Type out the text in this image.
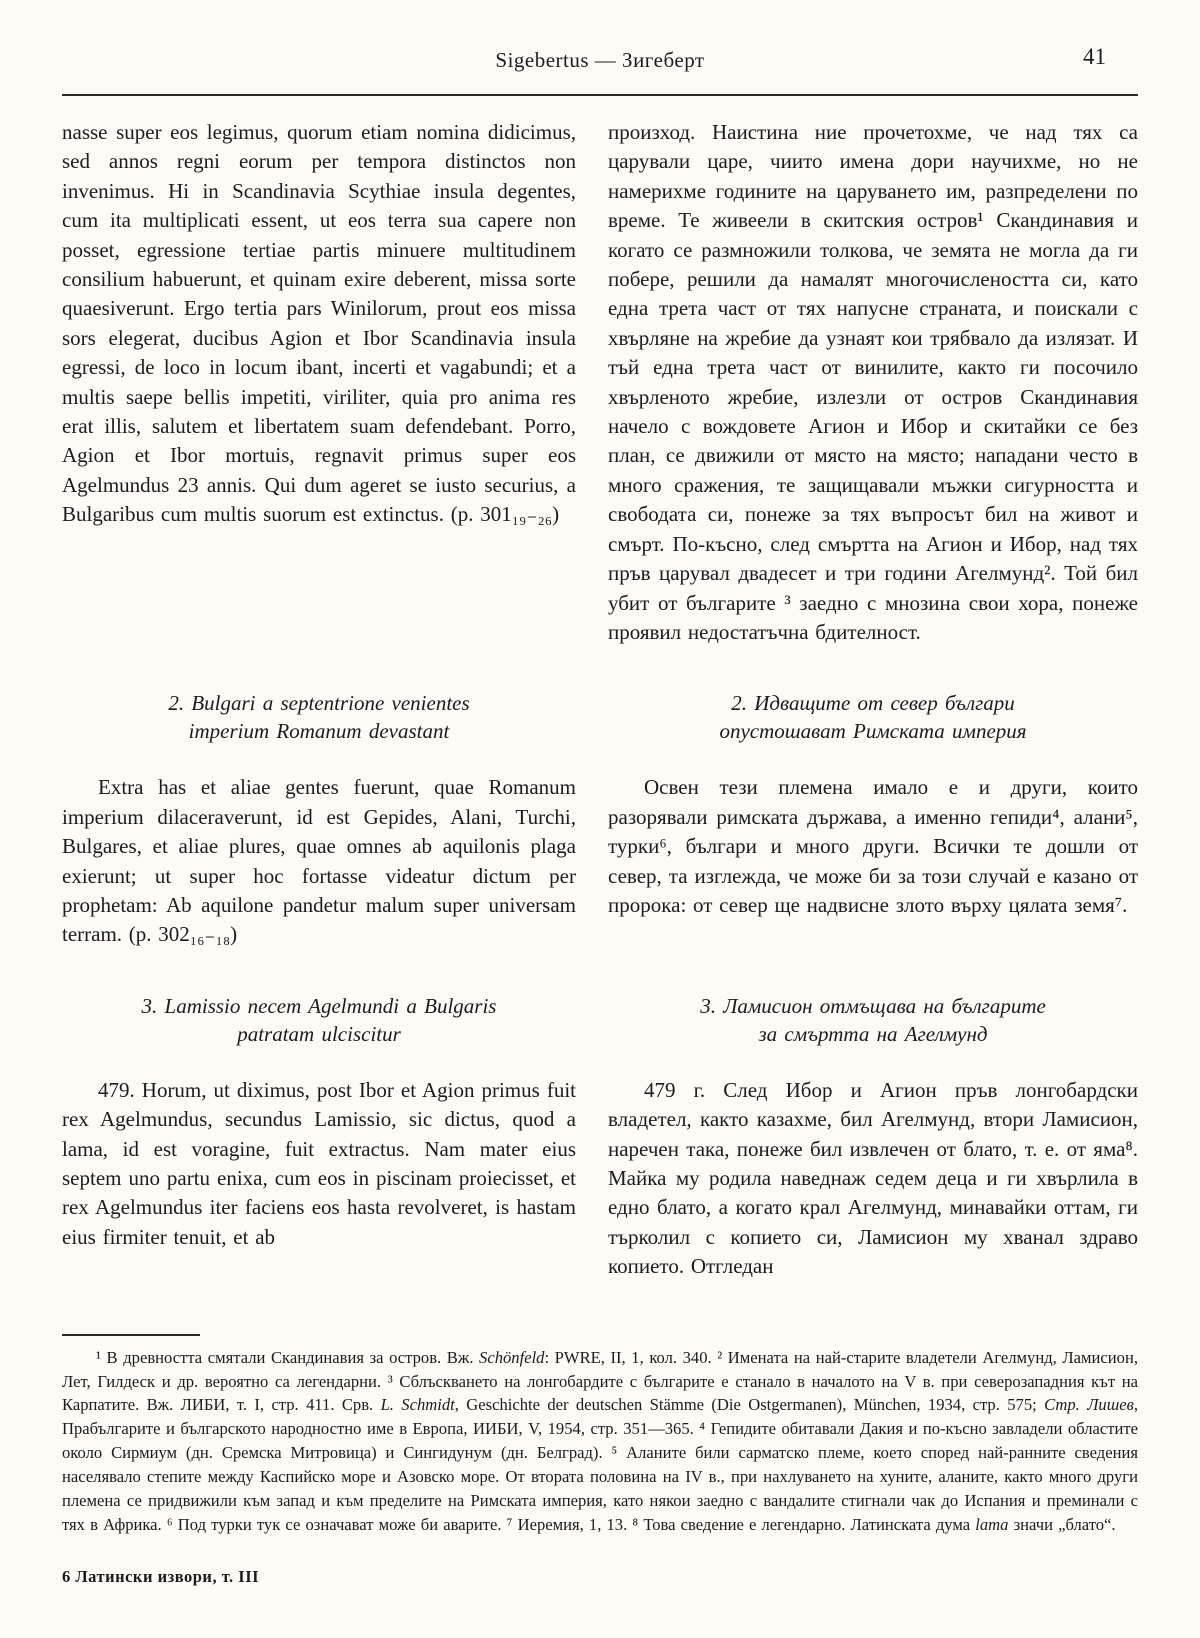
Sigebertus — Зигеберт	41

nasse super eos legimus, quorum etiam nomina didicimus, sed annos regni eorum per tempora distinctos non invenimus. Hi in Scandinavia Scythiae insula degentes, cum ita multiplicati essent, ut eos terra sua capere non posset, egressione tertiae partis minuere multitudinem consilium habuerunt, et quinam exire deberent, missa sorte quaesiverunt. Ergo tertia pars Winilorum, prout eos missa sors elegerat, ducibus Agion et Ibor Scandinavia insula egressi, de loco in locum ibant, incerti et vagabundi; et a multis saepe bellis impetiti, viriliter, quia pro anima res erat illis, salutem et libertatem suam defendebant. Porro, Agion et Ibor mortuis, regnavit primus super eos Agelmundus 23 annis. Qui dum ageret se iusto securius, a Bulgaribus cum multis suorum est extinctus. (p. 301₁₉₋₂₆)

произход. Наистина ние прочетохме, че над тях са царували царе, чиито имена дори научихме, но не намерихме годините на царуването им, разпределени по време. Те живеели в скитския остров¹ Скандинавия и когато се размножили толкова, че земята не могла да ги побере, решили да намалят многочислеността си, като една трета част от тях напусне страната, и поискали с хвърляне на жребие да узнаят кои трябвало да излязат. И тъй една трета част от винилите, както ги посочило хвърленото жребие, излезли от остров Скандинавия начело с вождовете Агион и Ибор и скитайки се без план, се движили от място на място; нападани често в много сражения, те защищавали мъжки сигурността и свободата си, понеже за тях въпросът бил на живот и смърт. По-късно, след смъртта на Агион и Ибор, над тях пръв царувал двадесет и три години Агелмунд². Той бил убит от българите ³ заедно с мнозина свои хора, понеже проявил недостатъчна бдителност.

2. Bulgari a septentrione venientes
imperium Romanum devastant
2. Идващите от север българи
опустошават Римската империя

Extra has et aliae gentes fuerunt, quae Romanum imperium dilaceraverunt, id est Gepides, Alani, Turchi, Bulgares, et aliae plures, quae omnes ab aquilonis plaga exierunt; ut super hoc fortasse videatur dictum per prophetam: Ab aquilone pandetur malum super universam terram. (p. 302₁₆₋₁₈)

Освен тези племена имало е и други, които разорявали римската държава, а именно гепиди⁴, алани⁵, турки⁶, българи и много други. Всички те дошли от север, та изглежда, че може би за този случай е казано от пророка: от север ще надвисне злото върху цялата земя⁷.

3. Lamissio necem Agelmundi a Bulgaris
patratam ulciscitur
3. Ламисион отмъщава на българите
за смъртта на Агелмунд

479. Horum, ut diximus, post Ibor et Agion primus fuit rex Agelmundus, secundus Lamissio, sic dictus, quod a lama, id est voragine, fuit extractus. Nam mater eius septem uno partu enixa, cum eos in piscinam proiecisset, et rex Agelmundus iter faciens eos hasta revolveret, is hastam eius firmiter tenuit, et ab

479 г. След Ибор и Агион пръв лонгобардски владетел, както казахме, бил Агелмунд, втори Ламисион, наречен така, понеже бил извлечен от блато, т. е. от яма⁸. Майка му родила наведнаж седем деца и ги хвърлила в едно блато, а когато крал Агелмунд, минавайки оттам, ги търколил с копието си, Ламисион му хванал здраво копието. Отгледан

¹ В древността смятали Скандинавия за остров. Вж. Schönfeld: PWRE, II, 1, кол. 340. ² Имената на най-старите владетели Агелмунд, Ламисион, Лет, Гилдеск и др. вероятно са легендарни. ³ Сблъскването на лонгобардите с българите е станало в началото на V в. при северозападния кът на Карпатите. Вж. ЛИБИ, т. I, стр. 411. Срв. L. Schmidt, Geschichte der deutschen Stämme (Die Ostgermanen), München, 1934, стр. 575; Стр. Лишев, Прабългарите и българското народностно име в Европа, ИИБИ, V, 1954, стр. 351—365. ⁴ Гепидите обитавали Дакия и по-късно завладели областите около Сирмиум (дн. Сремска Митровица) и Сингидунум (дн. Белград). ⁵ Аланите били сарматско племе, което според най-ранните сведения населявало степите между Каспийско море и Азовско море. От втората половина на IV в., при нахлуването на хуните, аланите, както много други племена се придвижили към запад и към пределите на Римската империя, като някои заедно с вандалите стигнали чак до Испания и преминали с тях в Африка. ⁶ Под турки тук се означават може би аварите. ⁷ Иеремия, 1, 13. ⁸ Това сведение е легендарно. Латинската дума lama значи „блато“.

6 Латински извори, т. III
